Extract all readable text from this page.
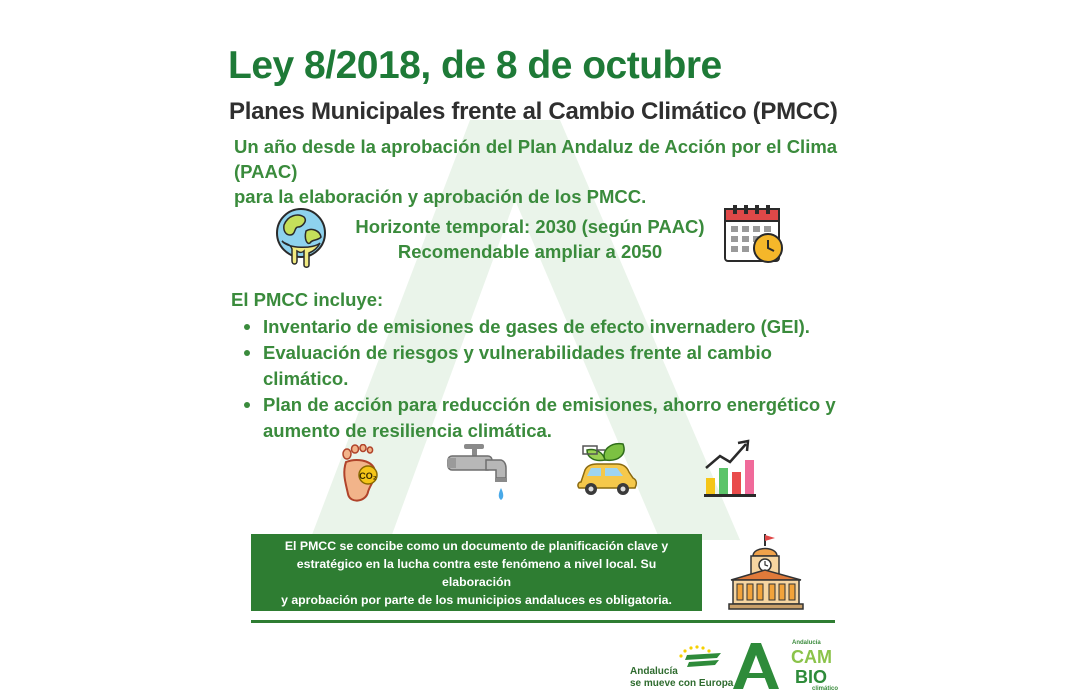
Ley 8/2018, de 8 de octubre
Planes Municipales frente al Cambio Climático (PMCC)
Un año desde la aprobación del Plan Andaluz de Acción por el Clima (PAAC)
para la elaboración y aprobación de los PMCC.
Horizonte temporal: 2030 (según PAAC)
Recomendable ampliar a 2050
El PMCC incluye:
Inventario de emisiones de gases de efecto invernadero (GEI).
Evaluación de riesgos y vulnerabilidades frente al cambio climático.
Plan de acción para reducción de emisiones, ahorro energético y
aumento de resiliencia climática.
CO₂
El PMCC se concibe como un documento de planificación clave y
estratégico en la lucha contra este fenómeno a nivel local. Su elaboración
y aprobación por parte de los municipios andaluces es obligatoria.
Andalucía
se mueve con Europa
Andalucía
CAM
BIO
climático
